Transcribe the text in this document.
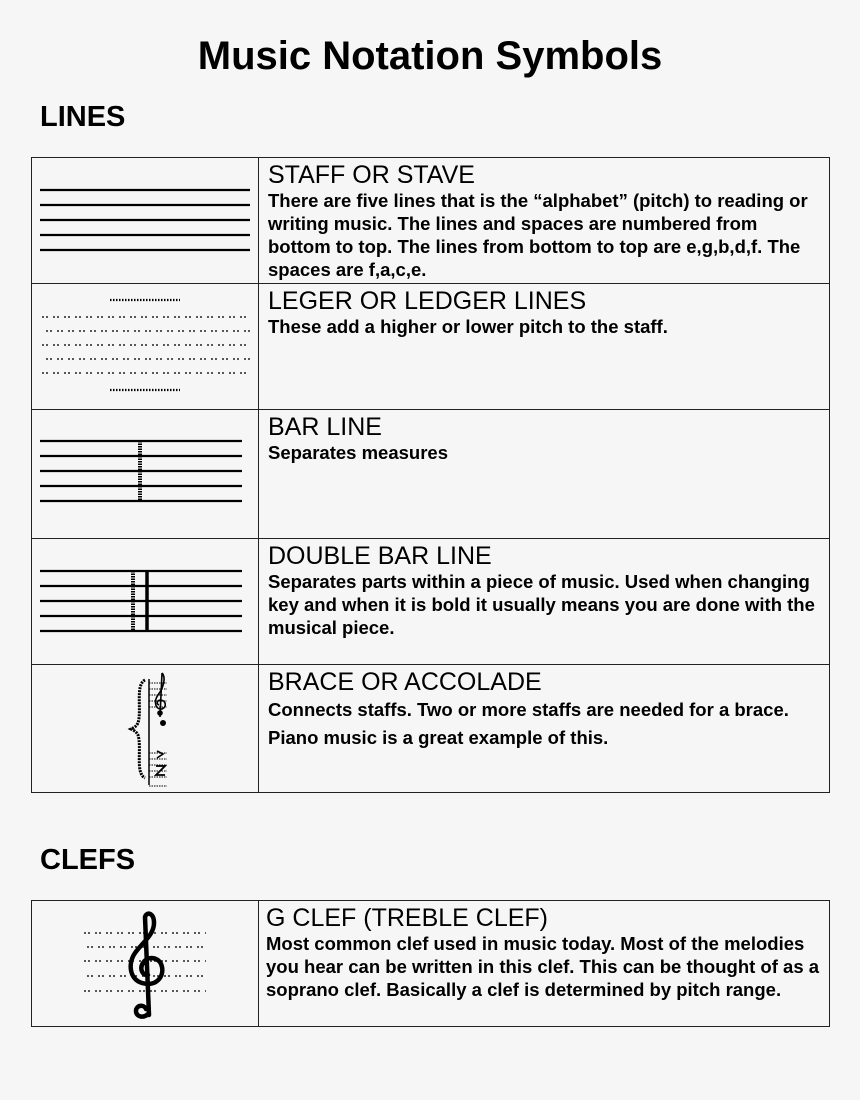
Music Notation Symbols
LINES

STAFF OR STAVE
There are five lines that is the “alphabet” (pitch) to reading or writing music. The lines and spaces are numbered from bottom to top. The lines from bottom to top are e,g,b,d,f. The spaces are f,a,c,e.

LEGER OR LEDGER LINES
These add a higher or lower pitch to the staff.

BAR LINE
Separates measures

DOUBLE BAR LINE
Separates parts within a piece of music. Used when changing key and when it is bold it usually means you are done with the musical piece.

BRACE OR ACCOLADE
Connects staffs. Two or more staffs are needed for a brace. Piano music is a great example of this.
CLEFS

G CLEF (TREBLE CLEF)
Most common clef used in music today. Most of the melodies you hear can be written in this clef. This can be thought of as a soprano clef. Basically a clef is determined by pitch range.
